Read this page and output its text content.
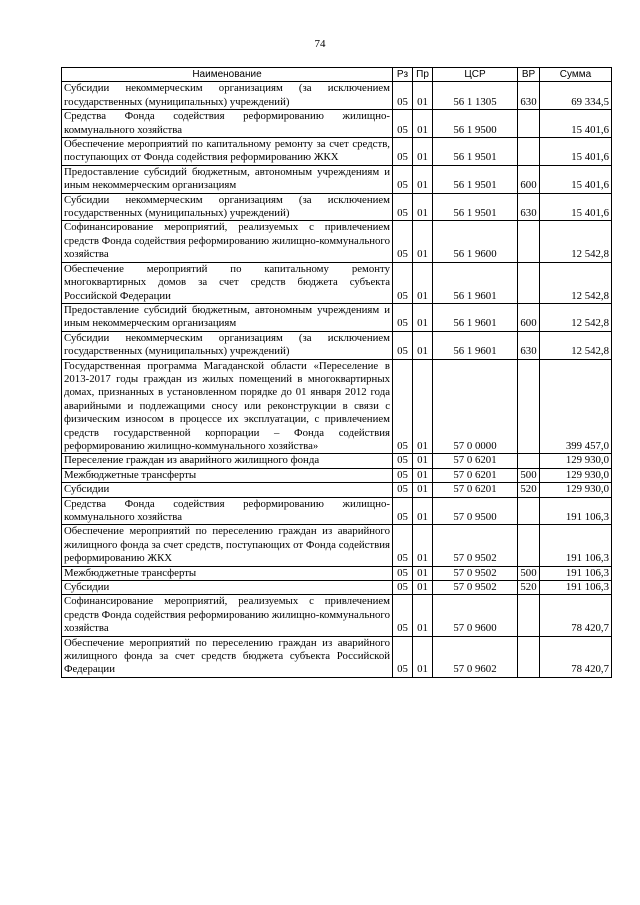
74
Наименование	Рз	Пр	ЦСР	ВР	Сумма
Субсидии некоммерческим организациям (за исключением государственных (муниципальных) учреждений)	05	01	56 1 1305	630	69 334,5
Средства Фонда содействия реформированию жилищно-коммунального хозяйства	05	01	56 1 9500		15 401,6
Обеспечение мероприятий по капитальному ремонту за счет средств, поступающих от Фонда содействия реформированию ЖКХ	05	01	56 1 9501		15 401,6
Предоставление субсидий бюджетным, автономным учреждениям и иным некоммерческим организациям	05	01	56 1 9501	600	15 401,6
Субсидии некоммерческим организациям (за исключением государственных (муниципальных) учреждений)	05	01	56 1 9501	630	15 401,6
Софинансирование мероприятий, реализуемых с привлечением средств Фонда содействия реформированию жилищно-коммунального хозяйства	05	01	56 1 9600		12 542,8
Обеспечение мероприятий по капитальному ремонту многоквартирных домов за счет средств бюджета субъекта Российской Федерации	05	01	56 1 9601		12 542,8
Предоставление субсидий бюджетным, автономным учреждениям и иным некоммерческим организациям	05	01	56 1 9601	600	12 542,8
Субсидии некоммерческим организациям (за исключением государственных (муниципальных) учреждений)	05	01	56 1 9601	630	12 542,8
Государственная программа Магаданской области «Переселение в 2013-2017 годы граждан из жилых помещений в многоквартирных домах, признанных в установленном порядке до 01 января 2012 года аварийными и подлежащими сносу или реконструкции в связи с физическим износом в процессе их эксплуатации, с привлечением средств государственной корпорации – Фонда содействия реформированию жилищно-коммунального хозяйства»	05	01	57 0 0000		399 457,0
Переселение граждан из аварийного жилищного фонда	05	01	57 0 6201		129 930,0
Межбюджетные трансферты	05	01	57 0 6201	500	129 930,0
Субсидии	05	01	57 0 6201	520	129 930,0
Средства Фонда содействия реформированию жилищно-коммунального хозяйства	05	01	57 0 9500		191 106,3
Обеспечение мероприятий по переселению граждан из аварийного жилищного фонда за счет средств, поступающих от Фонда содействия реформированию ЖКХ	05	01	57 0 9502		191 106,3
Межбюджетные трансферты	05	01	57 0 9502	500	191 106,3
Субсидии	05	01	57 0 9502	520	191 106,3
Софинансирование мероприятий, реализуемых с привлечением средств Фонда содействия реформированию жилищно-коммунального хозяйства	05	01	57 0 9600		78 420,7
Обеспечение мероприятий по переселению граждан из аварийного жилищного фонда за счет средств бюджета субъекта Российской Федерации	05	01	57 0 9602		78 420,7
